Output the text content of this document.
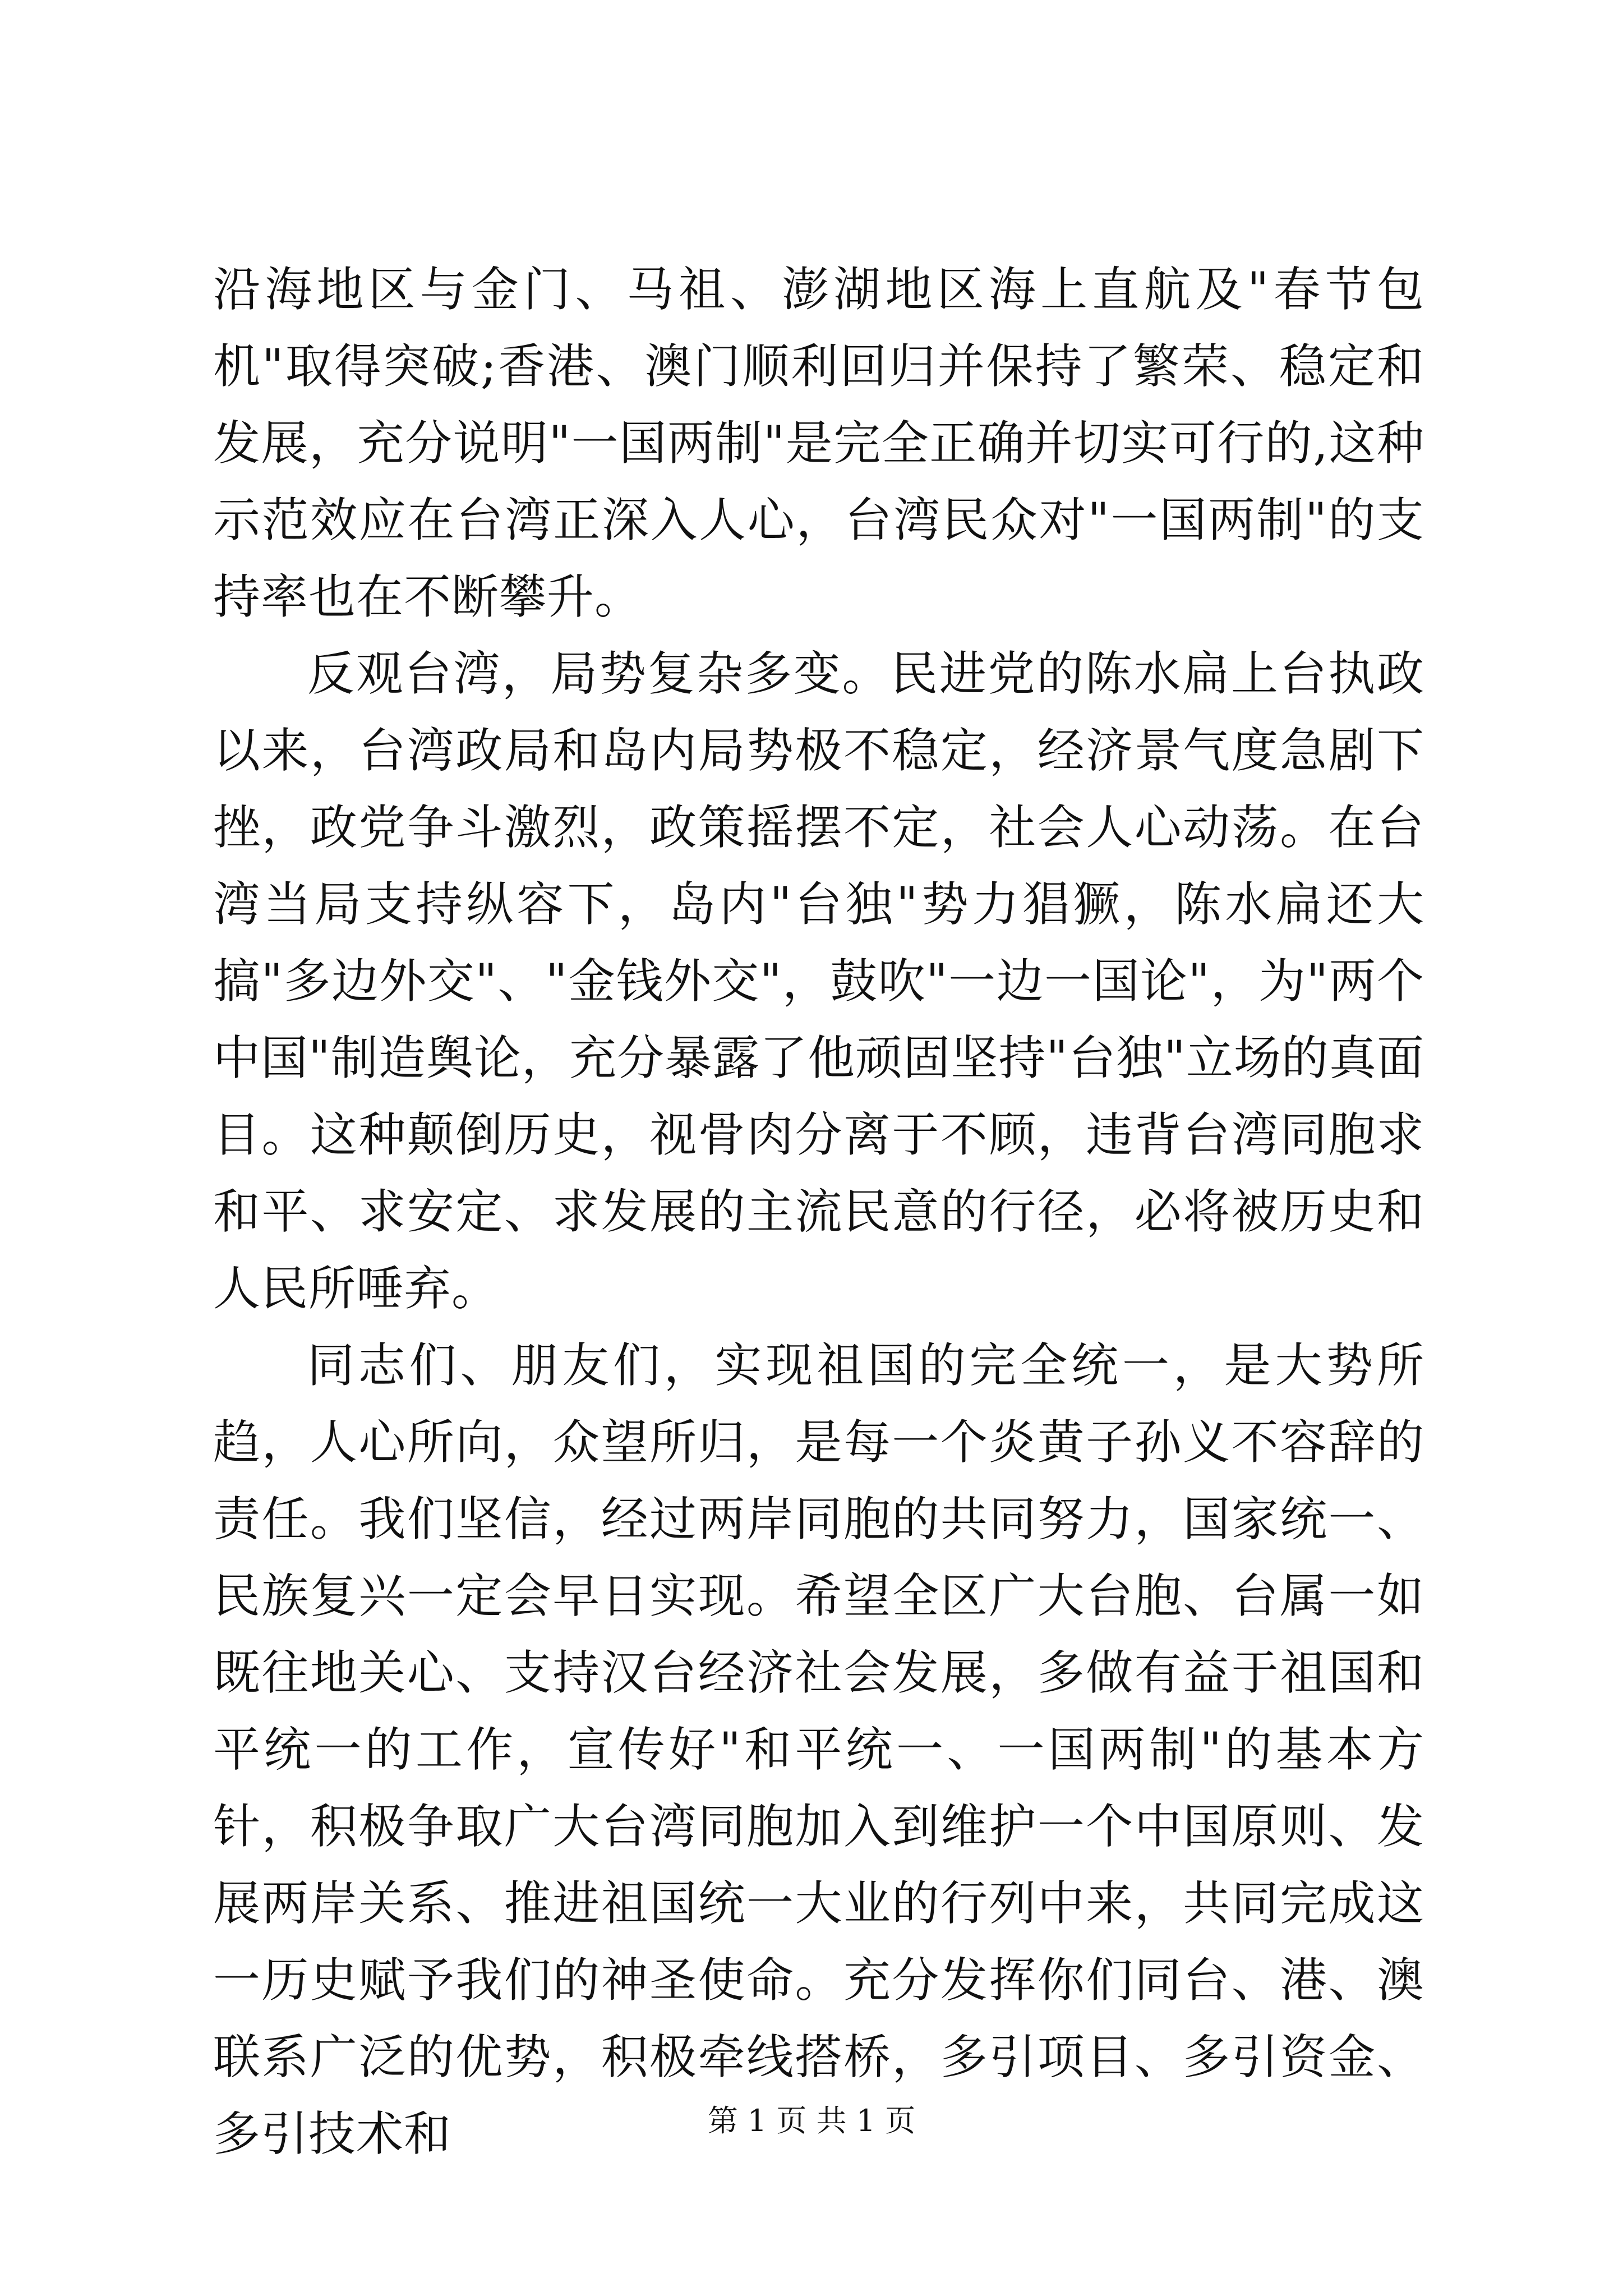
沿海地区与金门、马祖、澎湖地区海上直航及"春节包机"取得突破;香港、澳门顺利回归并保持了繁荣、稳定和发展，充分说明"一国两制"是完全正确并切实可行的,这种示范效应在台湾正深入人心，台湾民众对"一国两制"的支持率也在不断攀升。

反观台湾，局势复杂多变。民进党的陈水扁上台执政以来，台湾政局和岛内局势极不稳定，经济景气度急剧下挫，政党争斗激烈，政策摇摆不定，社会人心动荡。在台湾当局支持纵容下，岛内"台独"势力猖獗，陈水扁还大搞"多边外交"、"金钱外交"，鼓吹"一边一国论"，为"两个中国"制造舆论，充分暴露了他顽固坚持"台独"立场的真面目。这种颠倒历史，视骨肉分离于不顾，违背台湾同胞求和平、求安定、求发展的主流民意的行径，必将被历史和人民所唾弃。

同志们、朋友们，实现祖国的完全统一，是大势所趋，人心所向，众望所归，是每一个炎黄子孙义不容辞的责任。我们坚信，经过两岸同胞的共同努力，国家统一、民族复兴一定会早日实现。希望全区广大台胞、台属一如既往地关心、支持汉台经济社会发展，多做有益于祖国和平统一的工作，宣传好"和平统一、一国两制"的基本方针，积极争取广大台湾同胞加入到维护一个中国原则、发展两岸关系、推进祖国统一大业的行列中来，共同完成这一历史赋予我们的神圣使命。充分发挥你们同台、港、澳联系广泛的优势，积极牵线搭桥，多引项目、多引资金、多引技术和	第 1 页 共 1 页
